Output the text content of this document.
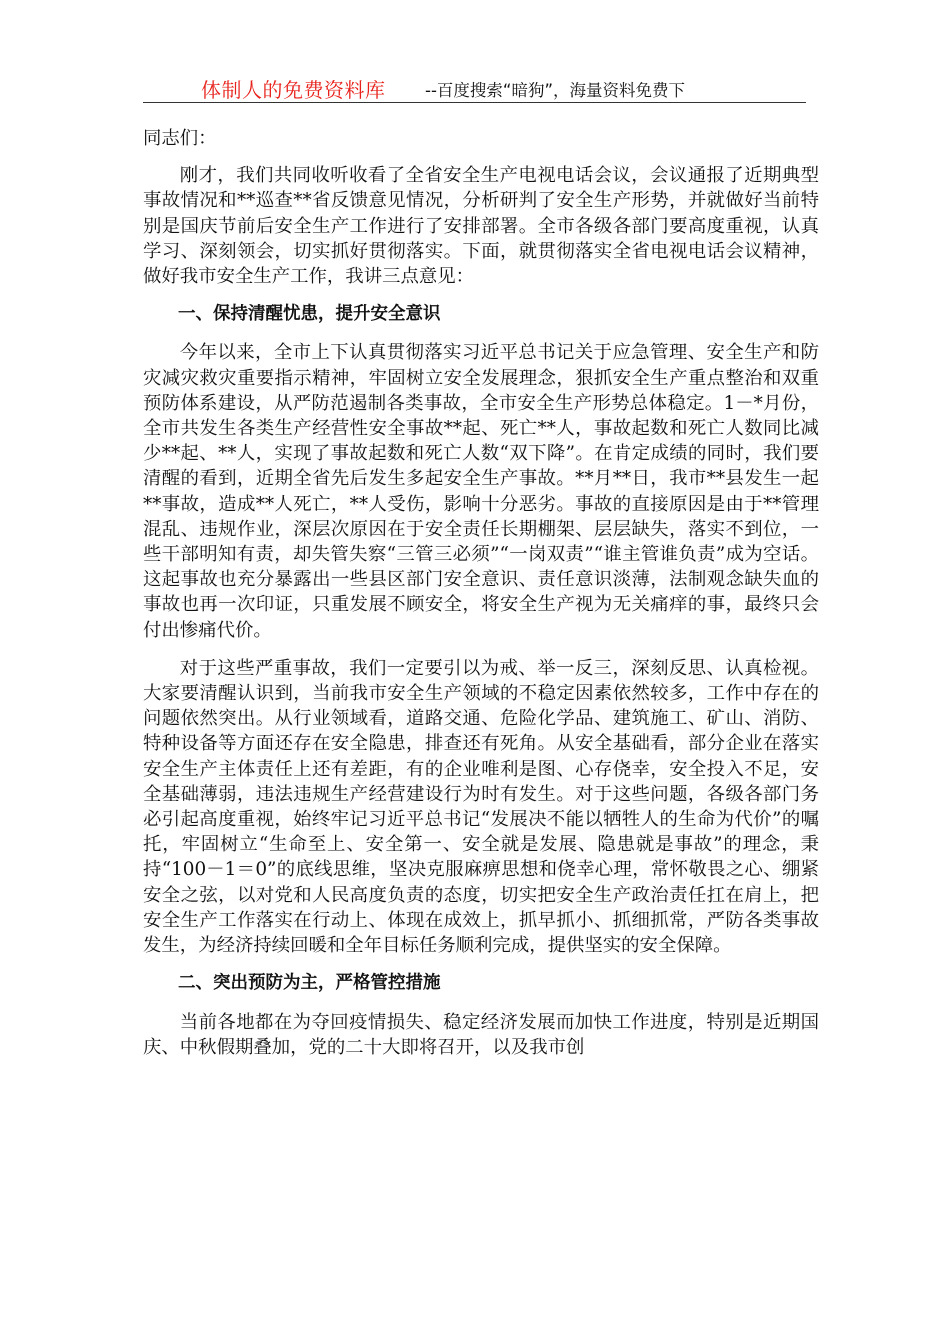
体制人的免费资料库 --百度搜索“暗狗”，海量资料免费下

同志们：

刚才，我们共同收听收看了全省安全生产电视电话会议，会议通报了近期典型事故情况和**巡查**省反馈意见情况，分析研判了安全生产形势，并就做好当前特别是国庆节前后安全生产工作进行了安排部署。全市各级各部门要高度重视，认真学习、深刻领会，切实抓好贯彻落实。下面，就贯彻落实全省电视电话会议精神，做好我市安全生产工作，我讲三点意见：

一、保持清醒忧患，提升安全意识

今年以来，全市上下认真贯彻落实习近平总书记关于应急管理、安全生产和防灾减灾救灾重要指示精神，牢固树立安全发展理念，狠抓安全生产重点整治和双重预防体系建设，从严防范遏制各类事故，全市安全生产形势总体稳定。1－*月份，全市共发生各类生产经营性安全事故**起、死亡**人，事故起数和死亡人数同比减少**起、**人，实现了事故起数和死亡人数“双下降”。在肯定成绩的同时，我们要清醒的看到，近期全省先后发生多起安全生产事故。**月**日，我市**县发生一起**事故，造成**人死亡，**人受伤，影响十分恶劣。事故的直接原因是由于**管理混乱、违规作业，深层次原因在于安全责任长期棚架、层层缺失，落实不到位，一些干部明知有责，却失管失察“三管三必须”“一岗双责”“谁主管谁负责”成为空话。这起事故也充分暴露出一些县区部门安全意识、责任意识淡薄，法制观念缺失血的事故也再一次印证，只重发展不顾安全，将安全生产视为无关痛痒的事，最终只会付出惨痛代价。

对于这些严重事故，我们一定要引以为戒、举一反三，深刻反思、认真检视。大家要清醒认识到，当前我市安全生产领域的不稳定因素依然较多，工作中存在的问题依然突出。从行业领域看，道路交通、危险化学品、建筑施工、矿山、消防、特种设备等方面还存在安全隐患，排查还有死角。从安全基础看，部分企业在落实安全生产主体责任上还有差距，有的企业唯利是图、心存侥幸，安全投入不足，安全基础薄弱，违法违规生产经营建设行为时有发生。对于这些问题，各级各部门务必引起高度重视，始终牢记习近平总书记“发展决不能以牺牲人的生命为代价”的嘱托，牢固树立“生命至上、安全第一、安全就是发展、隐患就是事故”的理念，秉持“100－1＝0”的底线思维，坚决克服麻痹思想和侥幸心理，常怀敬畏之心、绷紧安全之弦，以对党和人民高度负责的态度，切实把安全生产政治责任扛在肩上，把安全生产工作落实在行动上、体现在成效上，抓早抓小、抓细抓常，严防各类事故发生，为经济持续回暖和全年目标任务顺利完成，提供坚实的安全保障。

二、突出预防为主，严格管控措施

当前各地都在为夺回疫情损失、稳定经济发展而加快工作进度，特别是近期国庆、中秋假期叠加，党的二十大即将召开，以及我市创
